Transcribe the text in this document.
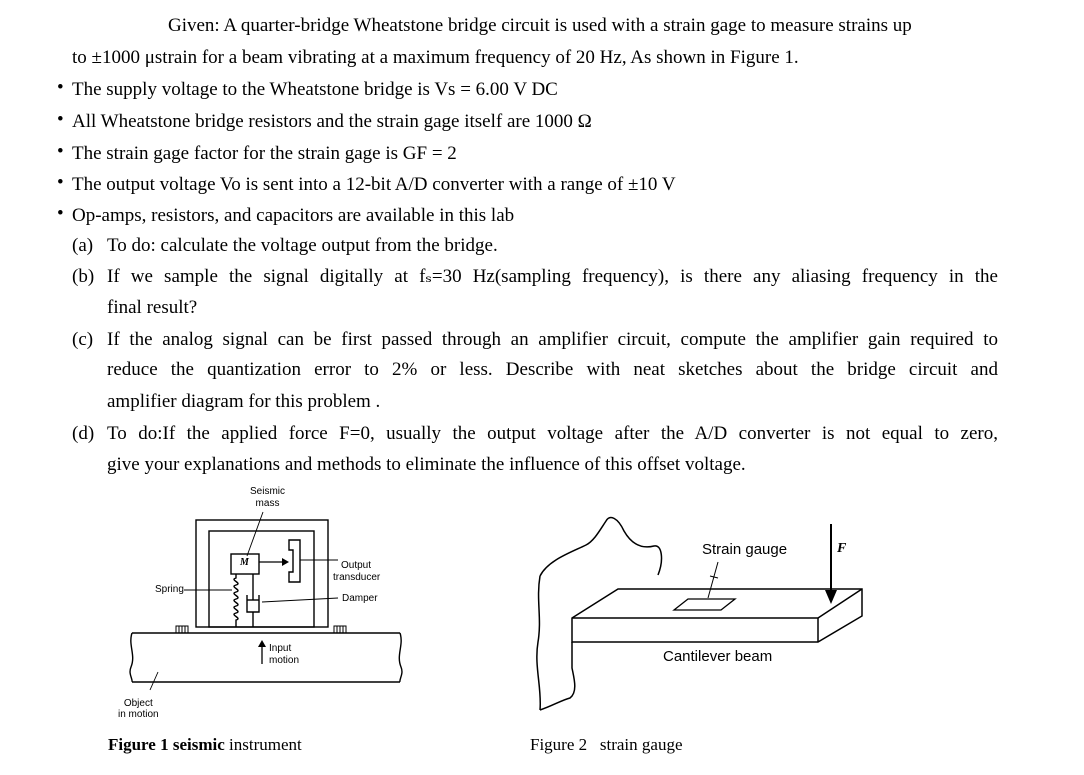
Given: A quarter-bridge Wheatstone bridge circuit is used with a strain gage to measure strains up
to ±1000 μstrain for a beam vibrating at a maximum frequency of 20 Hz, As shown in Figure 1.
• The supply voltage to the Wheatstone bridge is Vs = 6.00 V DC
• All Wheatstone bridge resistors and the strain gage itself are 1000 Ω
• The strain gage factor for the strain gage is GF = 2
• The output voltage Vo is sent into a 12-bit A/D converter with a range of ±10 V
• Op-amps, resistors, and capacitors are available in this lab
(a) To do: calculate the voltage output from the bridge.
(b) If we sample the signal digitally at fₛ=30 Hz(sampling frequency), is there any aliasing frequency in the
final result?
(c) If the analog signal can be first passed through an amplifier circuit, compute the amplifier gain required to
reduce the quantization error to 2% or less. Describe with neat sketches about the bridge circuit and
amplifier diagram for this problem .
(d) To do:If the applied force F=0, usually the output voltage after the A/D converter is not equal to zero,
give your explanations and methods to eliminate the influence of this offset voltage.
Seismic
mass
M	Output
transducer
Spring
Damper
Input
motion
Object
in motion
Figure 1 seismic instrument
Strain gauge	F
Cantilever beam
Figure 2   strain gauge
